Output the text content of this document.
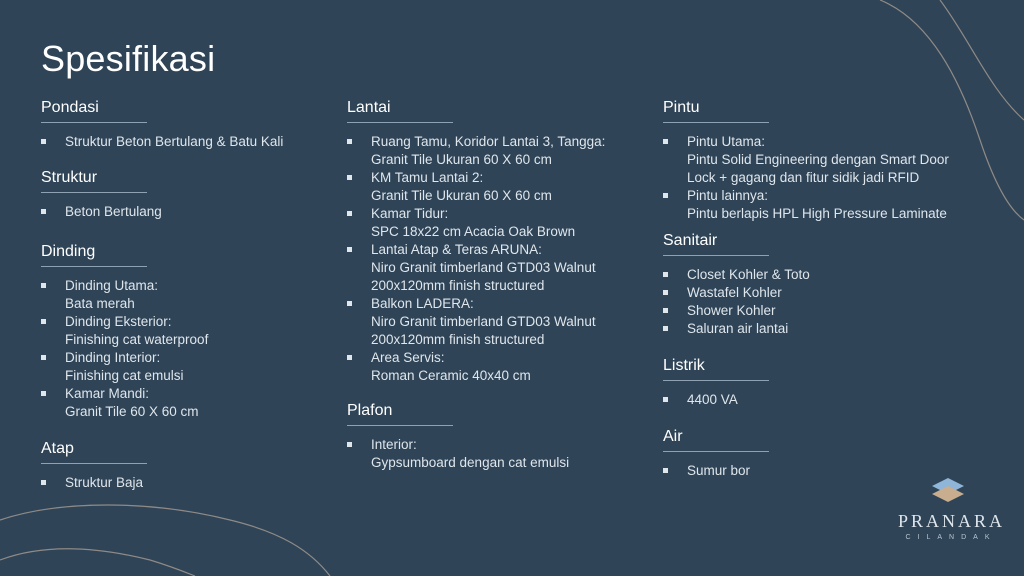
Spesifikasi
Pondasi
Struktur Beton Bertulang & Batu Kali
Struktur
Beton Bertulang
Dinding
Dinding Utama:
Bata merah
Dinding Eksterior:
Finishing cat waterproof
Dinding Interior:
Finishing cat emulsi
Kamar Mandi:
Granit Tile 60 X 60 cm
Atap
Struktur Baja
Lantai
Ruang Tamu, Koridor Lantai 3, Tangga:
Granit Tile Ukuran 60 X 60 cm
KM Tamu Lantai 2:
Granit Tile Ukuran 60 X 60 cm
Kamar Tidur:
SPC 18x22 cm Acacia Oak Brown
Lantai Atap & Teras ARUNA:
Niro Granit timberland GTD03 Walnut
200x120mm finish structured
Balkon LADERA:
Niro Granit timberland GTD03 Walnut
200x120mm finish structured
Area Servis:
Roman Ceramic 40x40 cm
Plafon
Interior:
Gypsumboard dengan cat emulsi
Pintu
Pintu Utama:
Pintu Solid Engineering dengan Smart Door
Lock + gagang dan fitur sidik jadi RFID
Pintu lainnya:
Pintu berlapis HPL High Pressure Laminate
Sanitair
Closet Kohler & Toto
Wastafel Kohler
Shower Kohler
Saluran air lantai
Listrik
4400 VA
Air
Sumur bor
PRANARA
CILANDAK
